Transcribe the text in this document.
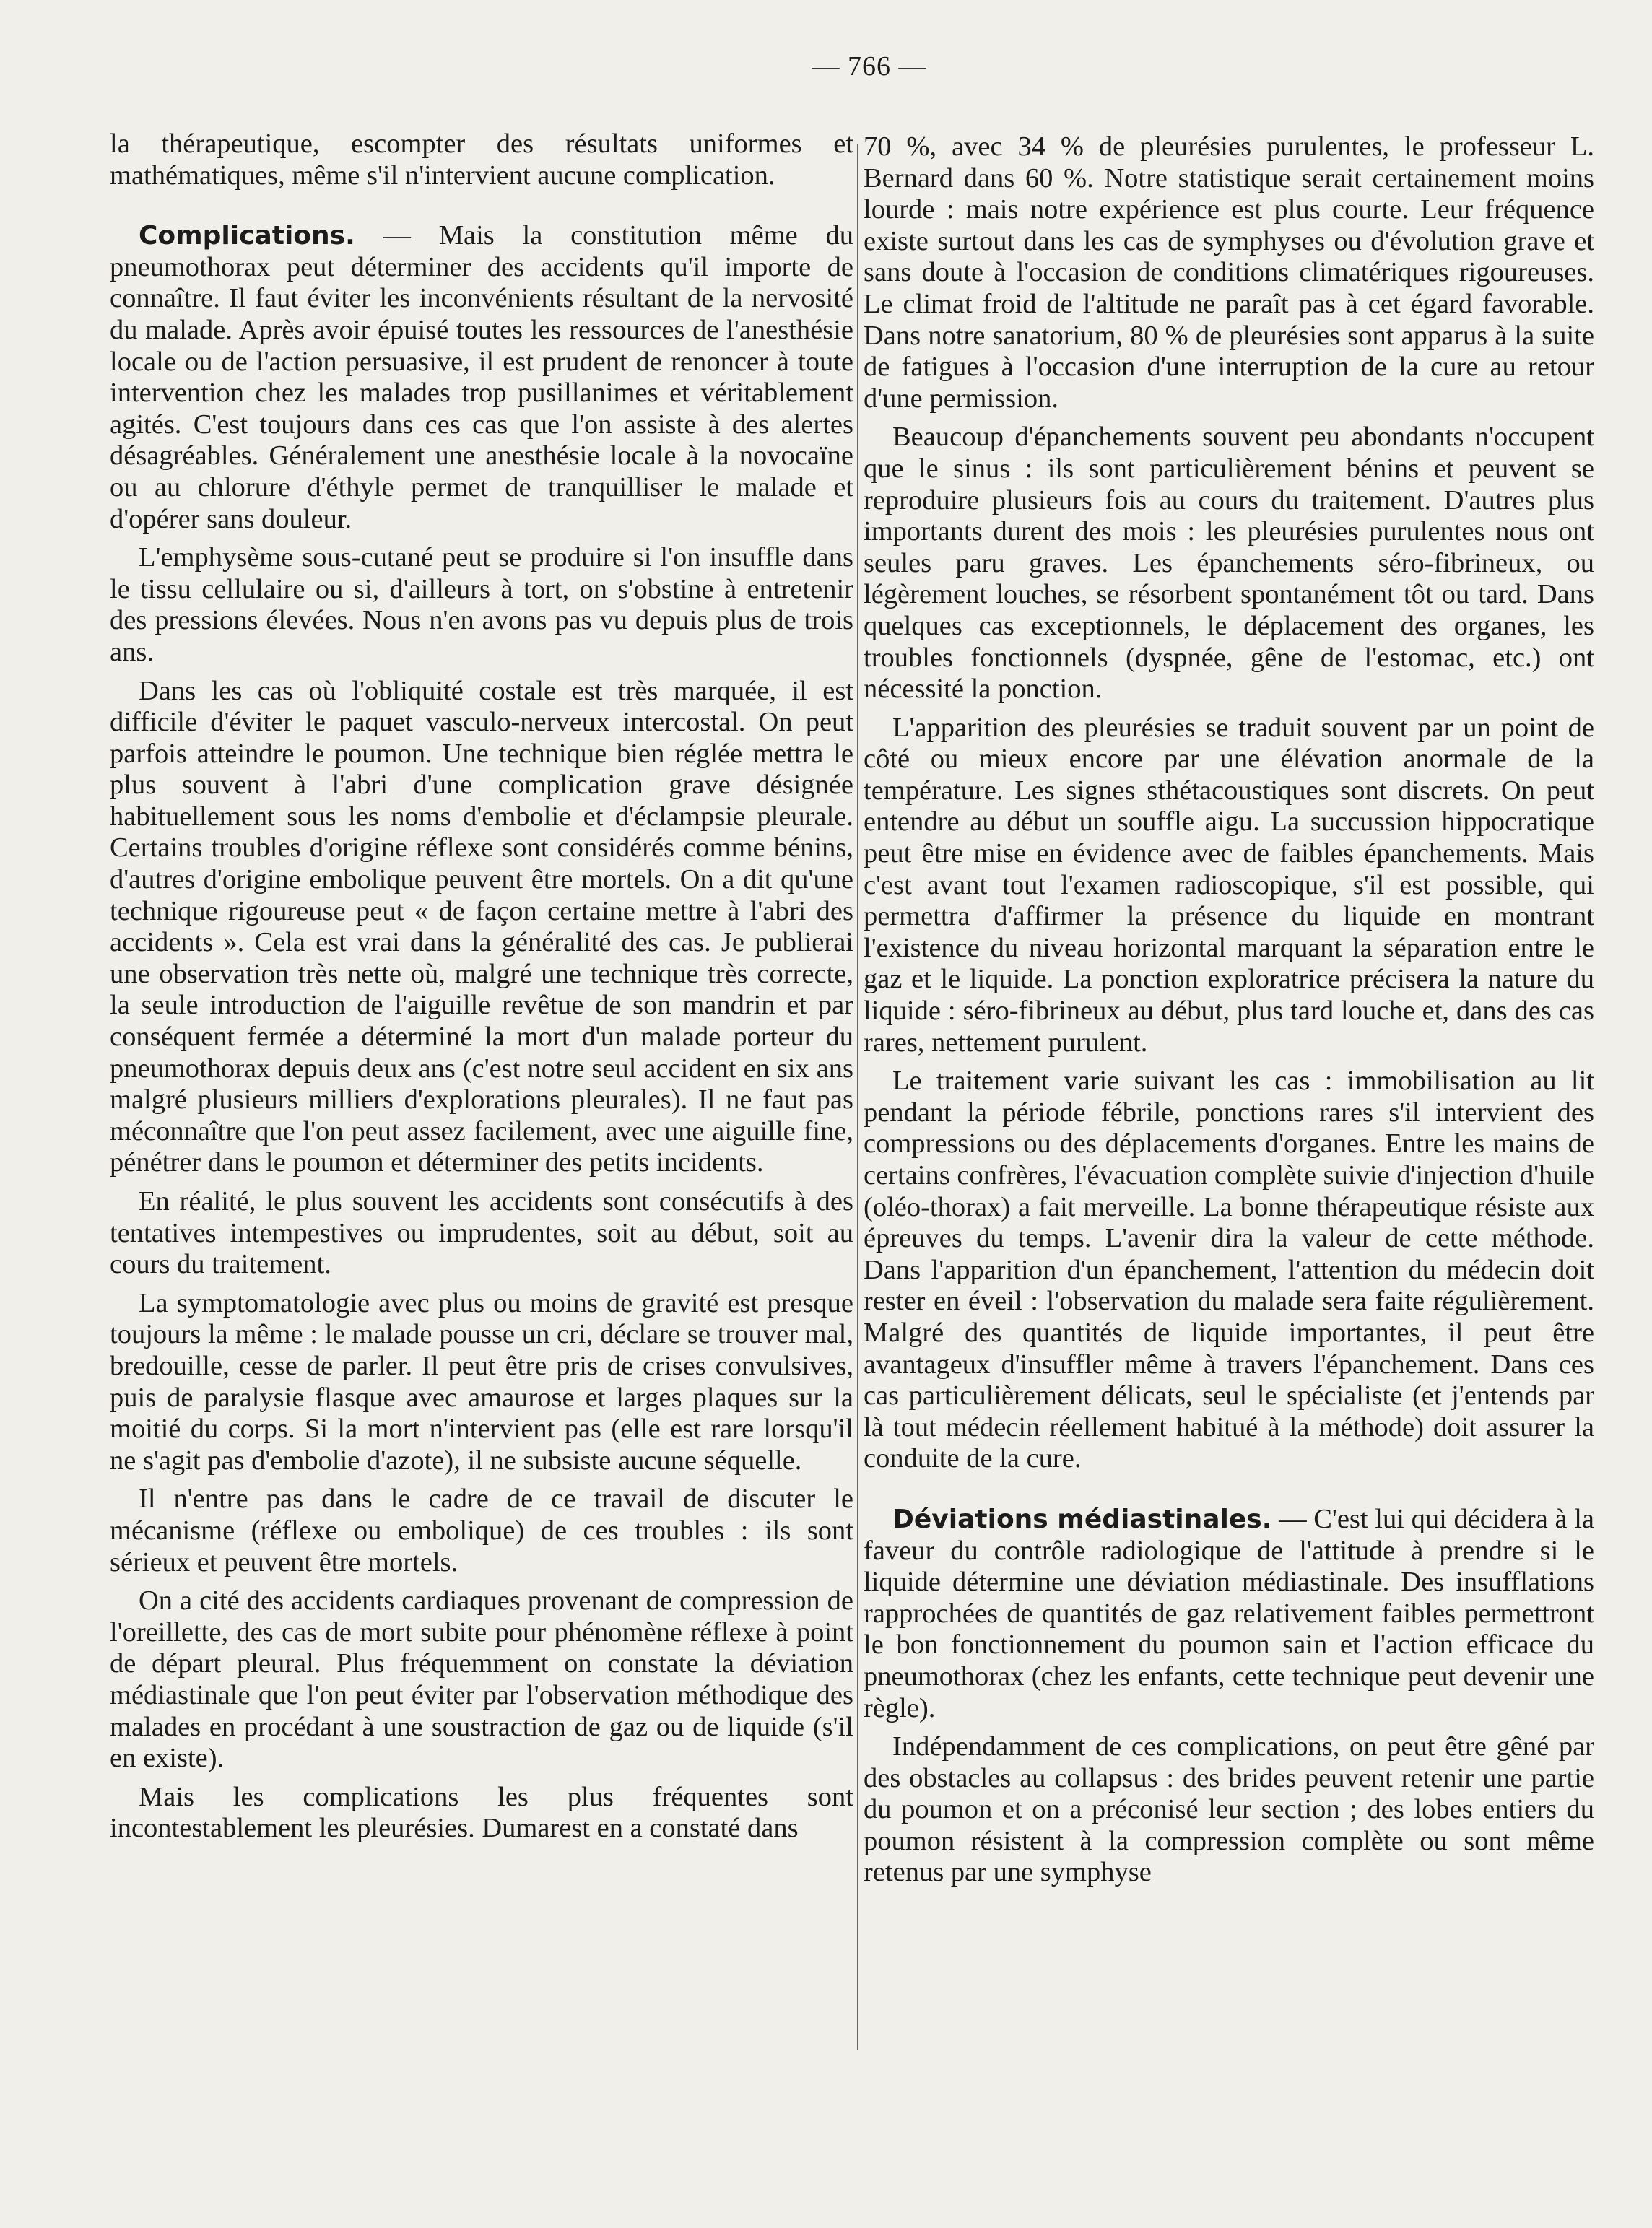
— 766 —

la thérapeutique, escompter des résultats uniformes et mathématiques, même s'il n'intervient aucune complication.

Complications. — Mais la constitution même du pneumothorax peut déterminer des accidents qu'il importe de connaître. Il faut éviter les inconvénients résultant de la nervosité du malade. Après avoir épuisé toutes les ressources de l'anesthésie locale ou de l'action persuasive, il est prudent de renoncer à toute intervention chez les malades trop pusillanimes et véritablement agités. C'est toujours dans ces cas que l'on assiste à des alertes désagréables. Généralement une anesthésie locale à la novocaïne ou au chlorure d'éthyle permet de tranquilliser le malade et d'opérer sans douleur.

L'emphysème sous-cutané peut se produire si l'on insuffle dans le tissu cellulaire ou si, d'ailleurs à tort, on s'obstine à entretenir des pressions élevées. Nous n'en avons pas vu depuis plus de trois ans.

Dans les cas où l'obliquité costale est très marquée, il est difficile d'éviter le paquet vasculo-nerveux intercostal. On peut parfois atteindre le poumon. Une technique bien réglée mettra le plus souvent à l'abri d'une complication grave désignée habituellement sous les noms d'embolie et d'éclampsie pleurale. Certains troubles d'origine réflexe sont considérés comme bénins, d'autres d'origine embolique peuvent être mortels. On a dit qu'une technique rigoureuse peut « de façon certaine mettre à l'abri des accidents ». Cela est vrai dans la généralité des cas. Je publierai une observation très nette où, malgré une technique très correcte, la seule introduction de l'aiguille revêtue de son mandrin et par conséquent fermée a déterminé la mort d'un malade porteur du pneumothorax depuis deux ans (c'est notre seul accident en six ans malgré plusieurs milliers d'explorations pleurales). Il ne faut pas méconnaître que l'on peut assez facilement, avec une aiguille fine, pénétrer dans le poumon et déterminer des petits incidents.

En réalité, le plus souvent les accidents sont consécutifs à des tentatives intempestives ou imprudentes, soit au début, soit au cours du traitement.

La symptomatologie avec plus ou moins de gravité est presque toujours la même : le malade pousse un cri, déclare se trouver mal, bredouille, cesse de parler. Il peut être pris de crises convulsives, puis de paralysie flasque avec amaurose et larges plaques sur la moitié du corps. Si la mort n'intervient pas (elle est rare lorsqu'il ne s'agit pas d'embolie d'azote), il ne subsiste aucune séquelle.

Il n'entre pas dans le cadre de ce travail de discuter le mécanisme (réflexe ou embolique) de ces troubles : ils sont sérieux et peuvent être mortels.

On a cité des accidents cardiaques provenant de compression de l'oreillette, des cas de mort subite pour phénomène réflexe à point de départ pleural. Plus fréquemment on constate la déviation médiastinale que l'on peut éviter par l'observation méthodique des malades en procédant à une soustraction de gaz ou de liquide (s'il en existe).

Mais les complications les plus fréquentes sont incontestablement les pleurésies. Dumarest en a constaté dans

70 %, avec 34 % de pleurésies purulentes, le professeur L. Bernard dans 60 %. Notre statistique serait certainement moins lourde : mais notre expérience est plus courte. Leur fréquence existe surtout dans les cas de symphyses ou d'évolution grave et sans doute à l'occasion de conditions climatériques rigoureuses. Le climat froid de l'altitude ne paraît pas à cet égard favorable. Dans notre sanatorium, 80 % de pleurésies sont apparus à la suite de fatigues à l'occasion d'une interruption de la cure au retour d'une permission.

Beaucoup d'épanchements souvent peu abondants n'occupent que le sinus : ils sont particulièrement bénins et peuvent se reproduire plusieurs fois au cours du traitement. D'autres plus importants durent des mois : les pleurésies purulentes nous ont seules paru graves. Les épanchements séro-fibrineux, ou légèrement louches, se résorbent spontanément tôt ou tard. Dans quelques cas exceptionnels, le déplacement des organes, les troubles fonctionnels (dyspnée, gêne de l'estomac, etc.) ont nécessité la ponction.

L'apparition des pleurésies se traduit souvent par un point de côté ou mieux encore par une élévation anormale de la température. Les signes sthétacoustiques sont discrets. On peut entendre au début un souffle aigu. La succussion hippocratique peut être mise en évidence avec de faibles épanchements. Mais c'est avant tout l'examen radioscopique, s'il est possible, qui permettra d'affirmer la présence du liquide en montrant l'existence du niveau horizontal marquant la séparation entre le gaz et le liquide. La ponction exploratrice précisera la nature du liquide : séro-fibrineux au début, plus tard louche et, dans des cas rares, nettement purulent.

Le traitement varie suivant les cas : immobilisation au lit pendant la période fébrile, ponctions rares s'il intervient des compressions ou des déplacements d'organes. Entre les mains de certains confrères, l'évacuation complète suivie d'injection d'huile (oléo-thorax) a fait merveille. La bonne thérapeutique résiste aux épreuves du temps. L'avenir dira la valeur de cette méthode. Dans l'apparition d'un épanchement, l'attention du médecin doit rester en éveil : l'observation du malade sera faite régulièrement. Malgré des quantités de liquide importantes, il peut être avantageux d'insuffler même à travers l'épanchement. Dans ces cas particulièrement délicats, seul le spécialiste (et j'entends par là tout médecin réellement habitué à la méthode) doit assurer la conduite de la cure.

Déviations médiastinales. — C'est lui qui décidera à la faveur du contrôle radiologique de l'attitude à prendre si le liquide détermine une déviation médiastinale. Des insufflations rapprochées de quantités de gaz relativement faibles permettront le bon fonctionnement du poumon sain et l'action efficace du pneumothorax (chez les enfants, cette technique peut devenir une règle).

Indépendamment de ces complications, on peut être gêné par des obstacles au collapsus : des brides peuvent retenir une partie du poumon et on a préconisé leur section ; des lobes entiers du poumon résistent à la compression complète ou sont même retenus par une symphyse
